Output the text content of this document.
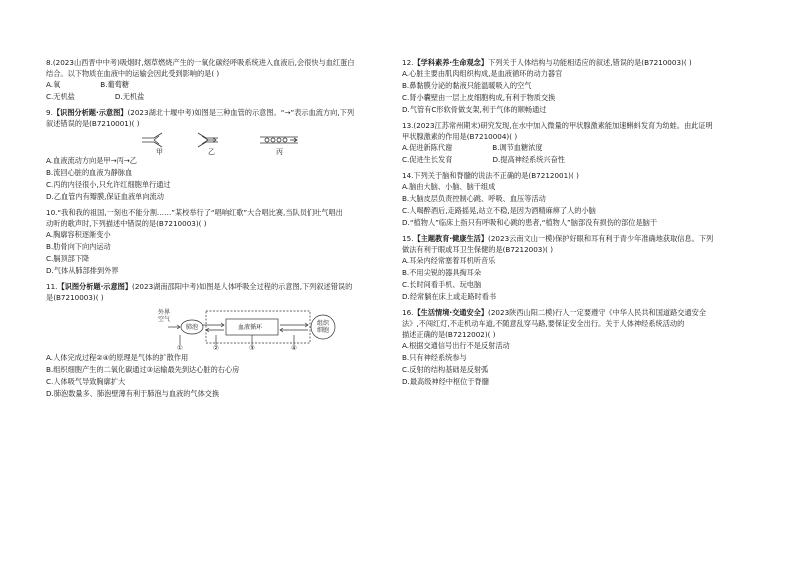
8.(2023山西晋中中考)吸烟时,烟草燃烧产生的一氧化碳经呼吸系统进入血液后,会很快与血红蛋白
结合。以下物质在血液中的运输会因此受到影响的是( )
A.氧	B.葡萄糖
C.无机盐	D.无机盐
9.【识图分析题·示意图】(2023湖北十堰中考)如图是三种血管的示意图。“→”表示血流方向,下列
叙述错误的是(B7210001)( )
甲	乙	丙
A.血液流动方向是甲→丙→乙
B.流回心脏的血液为静脉血
C.丙的内径很小,只允许红细胞单行通过
D.乙血管内有瓣膜,保证血液单向流动
10.“我和我的祖国,一刻也不能分割……”某校举行了“唱响红歌”大合唱比赛,当队员们吐气唱出
动听的歌声时,下列描述中错误的是(B7210003)( )
A.胸廓容积逐渐变小
B.肋骨向下向内运动
C.膈顶部下降
D.气体从肺部排到外界
11.【识图分析题·示意图】(2023湖南邵阳中考)如图是人体呼吸全过程的示意图,下列叙述错误的
是(B7210003)( )
外界
空气
肺泡	血液循环
组织
细胞
①	②	③	④
A.人体完成过程②④的原理是气体的扩散作用
B.组织细胞产生的二氧化碳通过③运输最先到达心脏的右心房
C.人体吸气导致胸廓扩大
D.肺泡数量多、肺泡壁薄有利于肺泡与血液的气体交换
12.【学科素养·生命观念】下列关于人体结构与功能相适应的叙述,错误的是(B7210003)( )
A.心脏主要由肌肉组织构成,是血液循环的动力器官
B.鼻黏膜分泌的黏液只能温暖吸入的空气
C.肾小囊壁由一层上皮细胞构成,有利于物质交换
D.气管有C形软骨做支架,利于气体的顺畅通过
13.(2023江苏常州期末)研究发现,在水中加入微量的甲状腺激素能加速蝌蚪发育为幼蛙。由此证明
甲状腺激素的作用是(B7210004)( )
A.促进新陈代谢	B.调节血糖浓度
C.促进生长发育	D.提高神经系统兴奋性
14.下列关于脑和脊髓的说法不正确的是(B7212001)( )
A.脑由大脑、小脑、脑干组成
B.大脑皮层负责控制心跳、呼吸、血压等活动
C.人喝醉酒后,走路摇晃,站立不稳,是因为酒精麻痹了人的小脑
D.“植物人”临床上指只有呼吸和心跳的患者,“植物人”脑部没有损伤的部位是脑干
15.【主题教育·健康生活】(2023云南文山一模)保护好眼和耳有利于青少年准确地获取信息。下列
做法有利于眼或耳卫生保健的是(B7212003)( )
A.耳朵内经常塞着耳机听音乐
B.不用尖锐的器具掏耳朵
C.长时间看手机、玩电脑
D.经常躺在床上或走路时看书
16.【生活情境·交通安全】(2023陕西山阳二模)行人一定要遵守《中华人民共和国道路交通安全
法》,不闯红灯,不走机动车道,不随意乱穿马路,要保证安全出行。关于人体神经系统活动的
描述正确的是(B7212002)( )
A.根据交通信号出行不是反射活动
B.只有神经系统参与
C.反射的结构基础是反射弧
D.最高级神经中枢位于脊髓
